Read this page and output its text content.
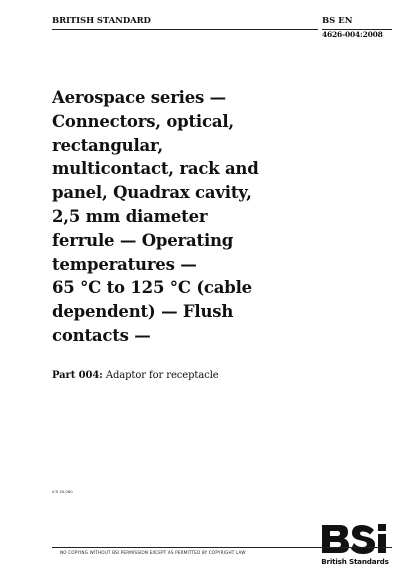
BRITISH STANDARD	BS EN
4626-004:2008
Aerospace series —
Connectors, optical,
rectangular,
multicontact, rack and
panel, Quadrax cavity,
2,5 mm diameter
ferrule — Operating
temperatures —
65 °C to 125 °C (cable
dependent) — Flush
contacts —
Part 004: Adaptor for receptacle
ICS 49.060
British Standards
NO COPYING WITHOUT BSI PERMISSION EXCEPT AS PERMITTED BY COPYRIGHT LAW
